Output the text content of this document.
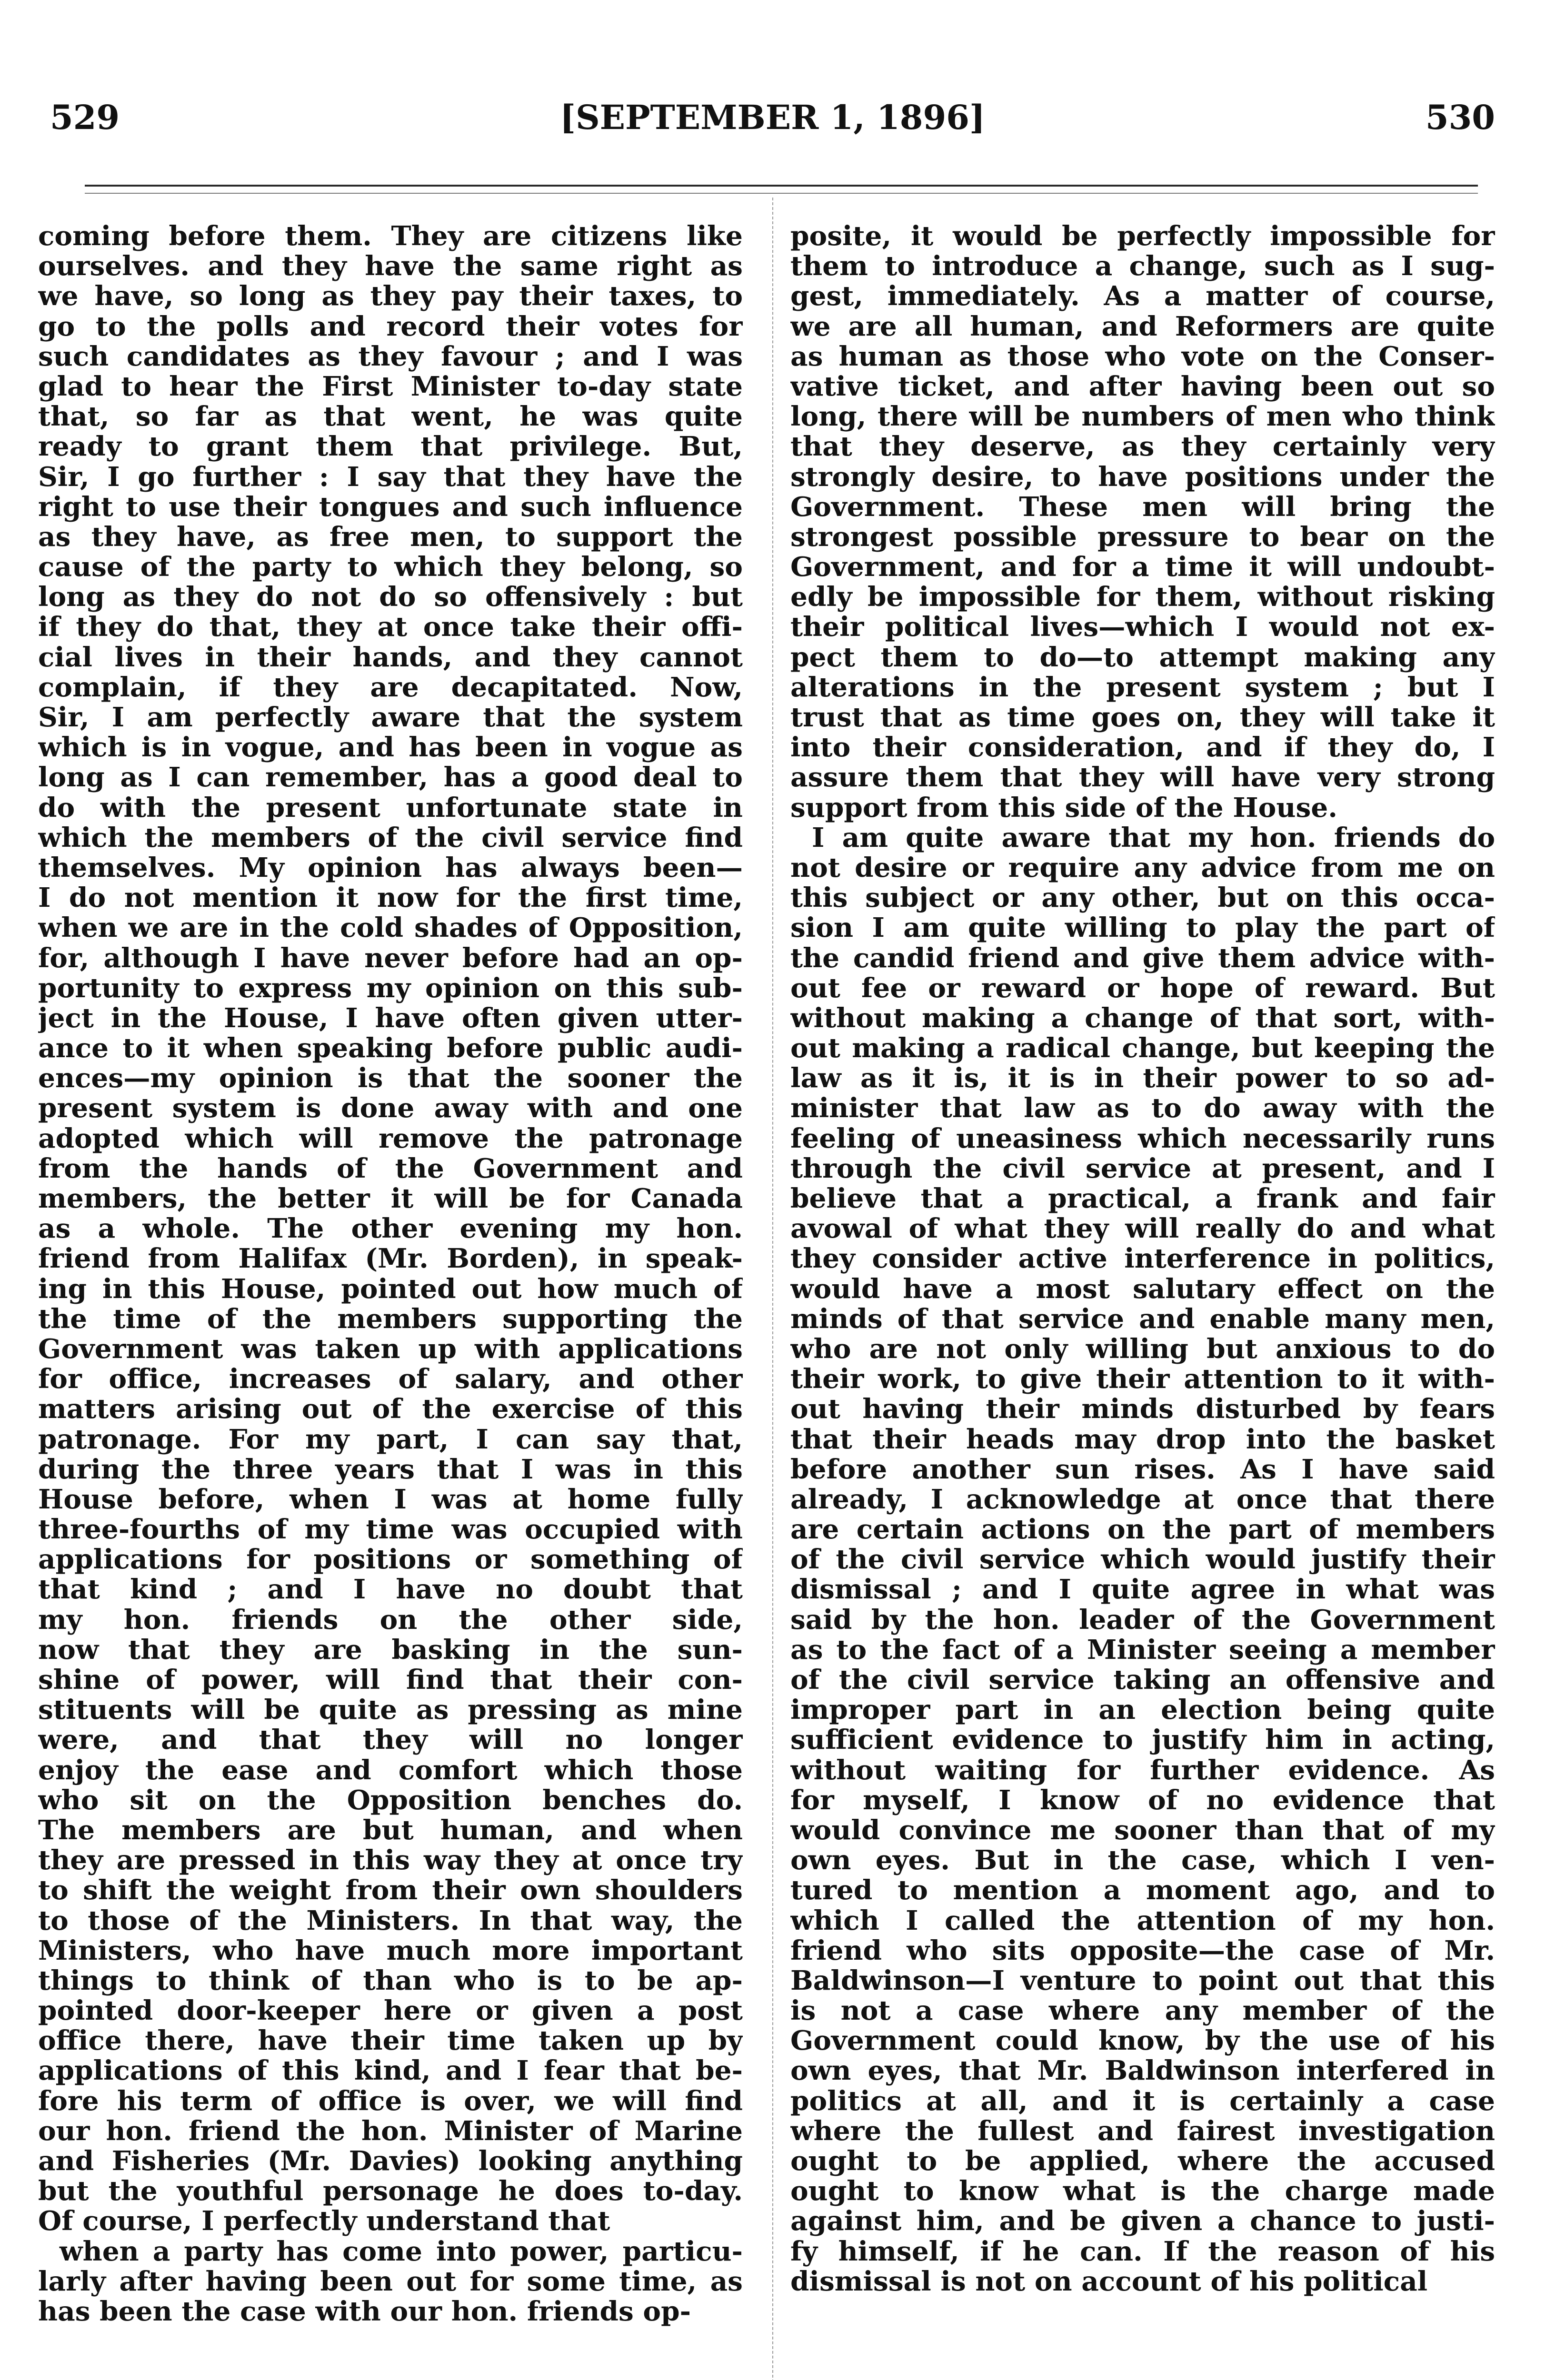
529	[SEPTEMBER 1, 1896]	530
coming before them. They are citizens like
ourselves. and they have the same right as
we have, so long as they pay their taxes, to
go to the polls and record their votes for
such candidates as they favour ; and I was
glad to hear the First Minister to-day state
that, so far as that went, he was quite
ready to grant them that privilege. But,
Sir, I go further : I say that they have the
right to use their tongues and such influence
as they have, as free men, to support the
cause of the party to which they belong, so
long as they do not do so offensively : but
if they do that, they at once take their offi-
cial lives in their hands, and they cannot
complain, if they are decapitated. Now,
Sir, I am perfectly aware that the system
which is in vogue, and has been in vogue as
long as I can remember, has a good deal to
do with the present unfortunate state in
which the members of the civil service find
themselves. My opinion has always been—
I do not mention it now for the first time,
when we are in the cold shades of Opposition,
for, although I have never before had an op-
portunity to express my opinion on this sub-
ject in the House, I have often given utter-
ance to it when speaking before public audi-
ences—my opinion is that the sooner the
present system is done away with and one
adopted which will remove the patronage
from the hands of the Government and
members, the better it will be for Canada
as a whole. The other evening my hon.
friend from Halifax (Mr. Borden), in speak-
ing in this House, pointed out how much of
the time of the members supporting the
Government was taken up with applications
for office, increases of salary, and other
matters arising out of the exercise of this
patronage. For my part, I can say that,
during the three years that I was in this
House before, when I was at home fully
three-fourths of my time was occupied with
applications for positions or something of
that kind ; and I have no doubt that
my hon. friends on the other side,
now that they are basking in the sun-
shine of power, will find that their con-
stituents will be quite as pressing as mine
were, and that they will no longer
enjoy the ease and comfort which those
who sit on the Opposition benches do.
The members are but human, and when
they are pressed in this way they at once try
to shift the weight from their own shoulders
to those of the Ministers. In that way, the
Ministers, who have much more important
things to think of than who is to be ap-
pointed door-keeper here or given a post
office there, have their time taken up by
applications of this kind, and I fear that be-
fore his term of office is over, we will find
our hon. friend the hon. Minister of Marine
and Fisheries (Mr. Davies) looking anything
but the youthful personage he does to-day.
Of course, I perfectly understand that
when a party has come into power, particu-
larly after having been out for some time, as
has been the case with our hon. friends op-
posite, it would be perfectly impossible for
them to introduce a change, such as I sug-
gest, immediately. As a matter of course,
we are all human, and Reformers are quite
as human as those who vote on the Conser-
vative ticket, and after having been out so
long, there will be numbers of men who think
that they deserve, as they certainly very
strongly desire, to have positions under the
Government. These men will bring the
strongest possible pressure to bear on the
Government, and for a time it will undoubt-
edly be impossible for them, without risking
their political lives—which I would not ex-
pect them to do—to attempt making any
alterations in the present system ; but I
trust that as time goes on, they will take it
into their consideration, and if they do, I
assure them that they will have very strong
support from this side of the House.
I am quite aware that my hon. friends do
not desire or require any advice from me on
this subject or any other, but on this occa-
sion I am quite willing to play the part of
the candid friend and give them advice with-
out fee or reward or hope of reward. But
without making a change of that sort, with-
out making a radical change, but keeping the
law as it is, it is in their power to so ad-
minister that law as to do away with the
feeling of uneasiness which necessarily runs
through the civil service at present, and I
believe that a practical, a frank and fair
avowal of what they will really do and what
they consider active interference in politics,
would have a most salutary effect on the
minds of that service and enable many men,
who are not only willing but anxious to do
their work, to give their attention to it with-
out having their minds disturbed by fears
that their heads may drop into the basket
before another sun rises. As I have said
already, I acknowledge at once that there
are certain actions on the part of members
of the civil service which would justify their
dismissal ; and I quite agree in what was
said by the hon. leader of the Government
as to the fact of a Minister seeing a member
of the civil service taking an offensive and
improper part in an election being quite
sufficient evidence to justify him in acting,
without waiting for further evidence. As
for myself, I know of no evidence that
would convince me sooner than that of my
own eyes. But in the case, which I ven-
tured to mention a moment ago, and to
which I called the attention of my hon.
friend who sits opposite—the case of Mr.
Baldwinson—I venture to point out that this
is not a case where any member of the
Government could know, by the use of his
own eyes, that Mr. Baldwinson interfered in
politics at all, and it is certainly a case
where the fullest and fairest investigation
ought to be applied, where the accused
ought to know what is the charge made
against him, and be given a chance to justi-
fy himself, if he can. If the reason of his
dismissal is not on account of his political
